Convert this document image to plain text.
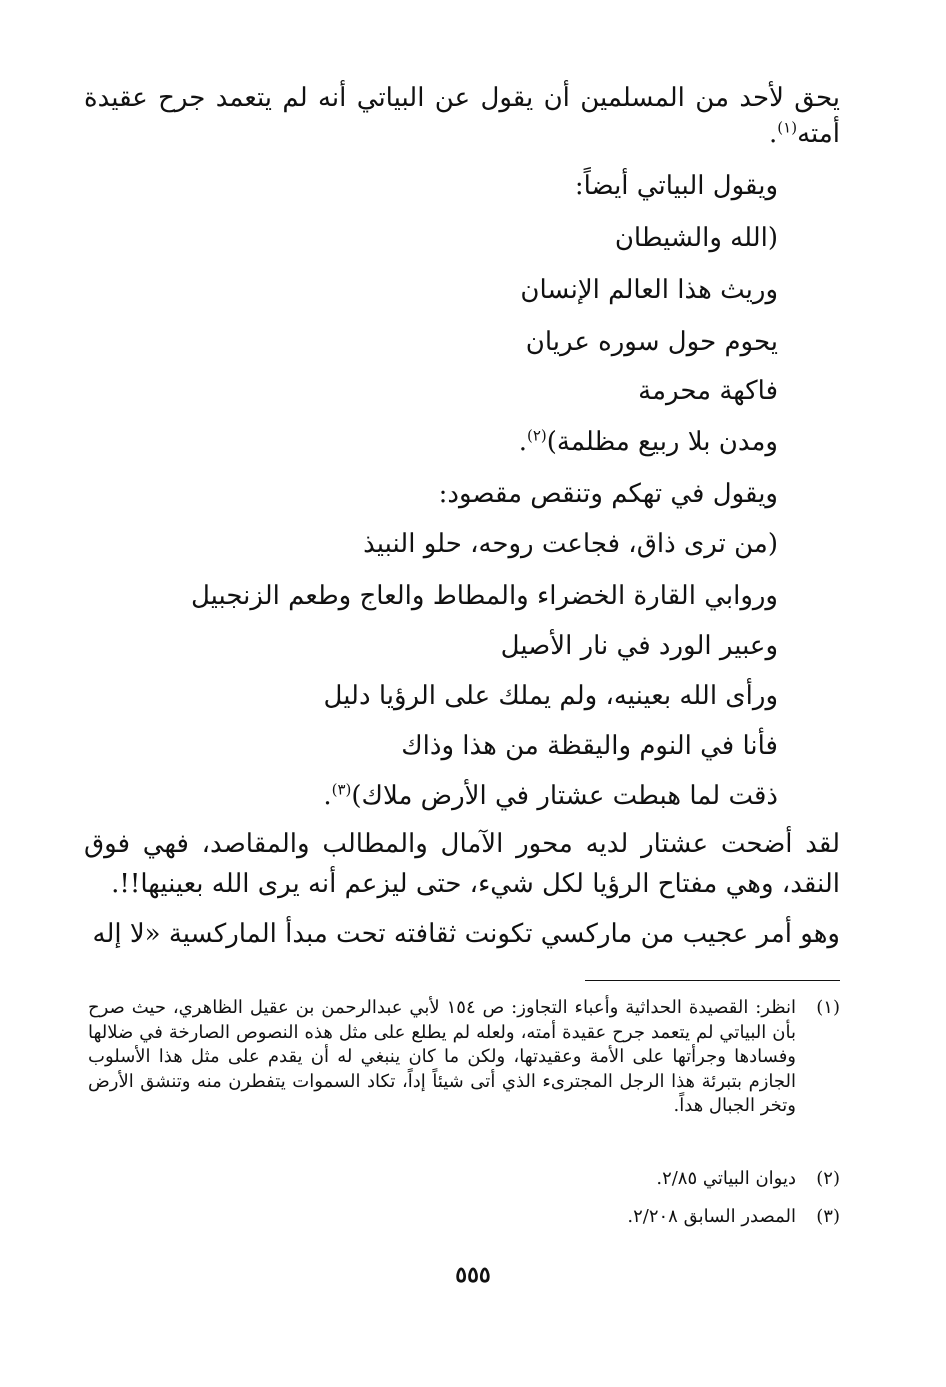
يحق لأحد من المسلمين أن يقول عن البياتي أنه لم يتعمد جرح عقيدة
أمته$^{(١)}$.
ويقول البياتي أيضاً:
(الله والشيطان
وريث هذا العالم الإنسان
يحوم حول سوره عريان
فاكهة محرمة
ومدن بلا ربيع مظلمة)$^{(٢)}$.
ويقول في تهكم وتنقص مقصود:
(من ترى ذاق، فجاعت روحه، حلو النبيذ
وروابي القارة الخضراء والمطاط والعاج وطعم الزنجبيل
وعبير الورد في نار الأصيل
ورأى الله بعينيه، ولم يملك على الرؤيا دليل
فأنا في النوم واليقظة من هذا وذاك
ذقت لما هبطت عشتار في الأرض ملاك)$^{(٣)}$.
لقد أضحت عشتار لديه محور الآمال والمطالب والمقاصد، فهي فوق
النقد، وهي مفتاح الرؤيا لكل شيء، حتى ليزعم أنه يرى الله بعينيها!!.
وهو أمر عجيب من ماركسي تكونت ثقافته تحت مبدأ الماركسية «لا إله
(١)
انظر: القصيدة الحداثية وأعباء التجاوز: ص ١٥٤ لأبي عبدالرحمن بن عقيل الظاهري، حيث صرح بأن البياتي لم يتعمد جرح عقيدة أمته، ولعله لم يطلع على مثل هذه النصوص الصارخة في ضلالها وفسادها وجرأتها على الأمة وعقيدتها، ولكن ما كان ينبغي له أن يقدم على مثل هذا الأسلوب الجازم بتبرئة هذا الرجل المجترىء الذي أتى شيئاً إداً، تكاد السموات يتفطرن منه وتنشق الأرض وتخر الجبال هداً.
(٢)
ديوان البياتي ٢/٨٥.
(٣)
المصدر السابق ٢/٢٠٨.
٥٥٥
